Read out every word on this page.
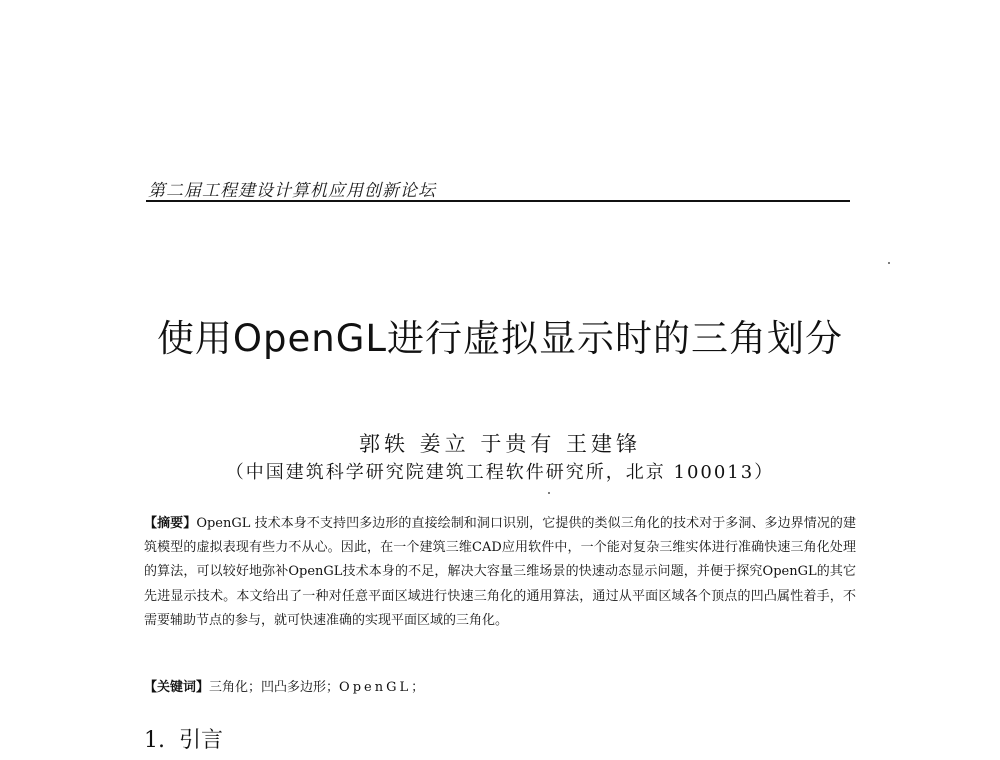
第二届工程建设计算机应用创新论坛
使用OpenGL进行虚拟显示时的三角划分
郭轶 姜立 于贵有 王建锋
（中国建筑科学研究院建筑工程软件研究所，北京 100013）
【摘要】OpenGL 技术本身不支持凹多边形的直接绘制和洞口识别，它提供的类似三角化的技术对于多洞、多边界情况的建筑模型的虚拟表现有些力不从心。因此，在一个建筑三维CAD应用软件中，一个能对复杂三维实体进行准确快速三角化处理的算法，可以较好地弥补OpenGL技术本身的不足，解决大容量三维场景的快速动态显示问题，并便于探究OpenGL的其它先进显示技术。本文给出了一种对任意平面区域进行快速三角化的通用算法，通过从平面区域各个顶点的凹凸属性着手，不需要辅助节点的参与，就可快速准确的实现平面区域的三角化。
【关键词】三角化；凹凸多边形；OpenGL；
1. 引言
